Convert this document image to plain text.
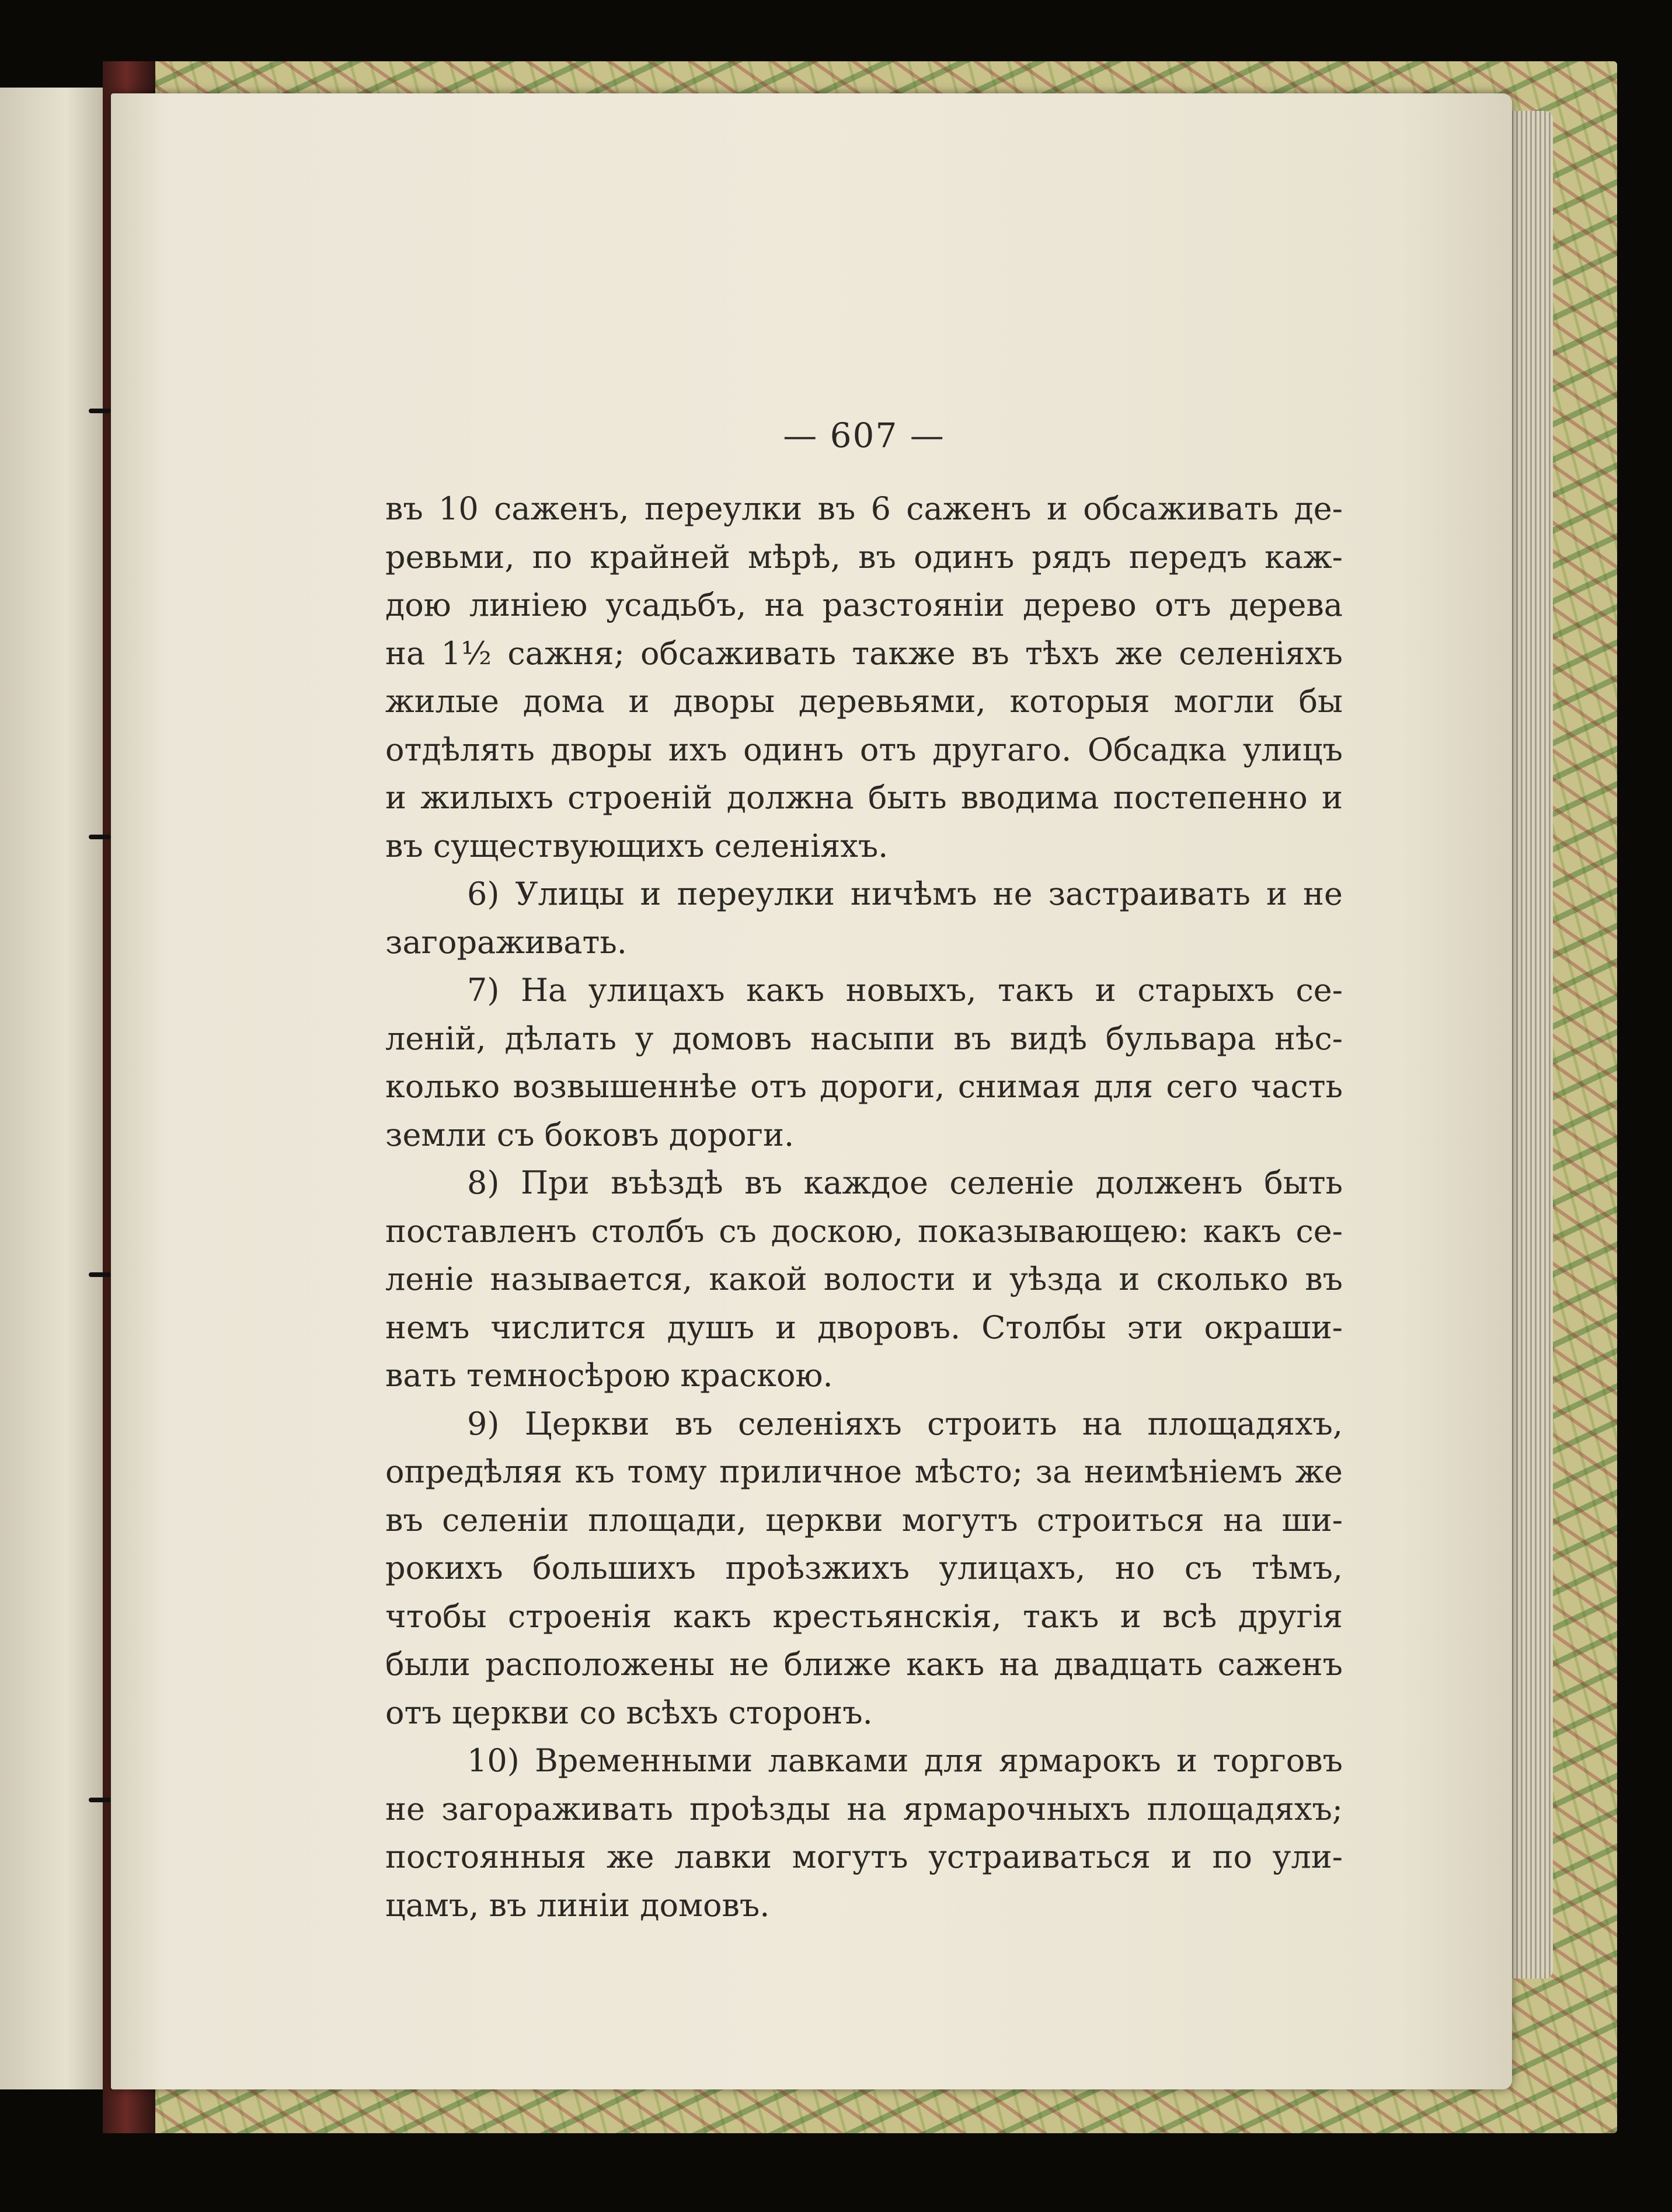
— 607 —
въ 10 саженъ, переулки въ 6 саженъ и обсаживать де-
ревьми, по крайней мѣрѣ, въ одинъ рядъ передъ каж-
дою линіею усадьбъ, на разстояніи дерево отъ дерева
на 1½ сажня; обсаживать также въ тѣхъ же селеніяхъ
жилые дома и дворы деревьями, которыя могли бы
отдѣлять дворы ихъ одинъ отъ другаго. Обсадка улицъ
и жилыхъ строеній должна быть вводима постепенно и
въ существующихъ селеніяхъ.
6) Улицы и переулки ничѣмъ не застраивать и не
загораживать.
7) На улицахъ какъ новыхъ, такъ и старыхъ се-
леній, дѣлать у домовъ насыпи въ видѣ бульвара нѣс-
колько возвышеннѣе отъ дороги, снимая для сего часть
земли съ боковъ дороги.
8) При въѣздѣ въ каждое селеніе долженъ быть
поставленъ столбъ съ доскою, показывающею: какъ се-
леніе называется, какой волости и уѣзда и сколько въ
немъ числится душъ и дворовъ. Столбы эти окраши-
вать темносѣрою краскою.
9) Церкви въ селеніяхъ строить на площадяхъ,
опредѣляя къ тому приличное мѣсто; за неимѣніемъ же
въ селеніи площади, церкви могутъ строиться на ши-
рокихъ большихъ проѣзжихъ улицахъ, но съ тѣмъ,
чтобы строенія какъ крестьянскія, такъ и всѣ другія
были расположены не ближе какъ на двадцать саженъ
отъ церкви со всѣхъ сторонъ.
10) Временными лавками для ярмарокъ и торговъ
не загораживать проѣзды на ярмарочныхъ площадяхъ;
постоянныя же лавки могутъ устраиваться и по ули-
цамъ, въ линіи домовъ.
